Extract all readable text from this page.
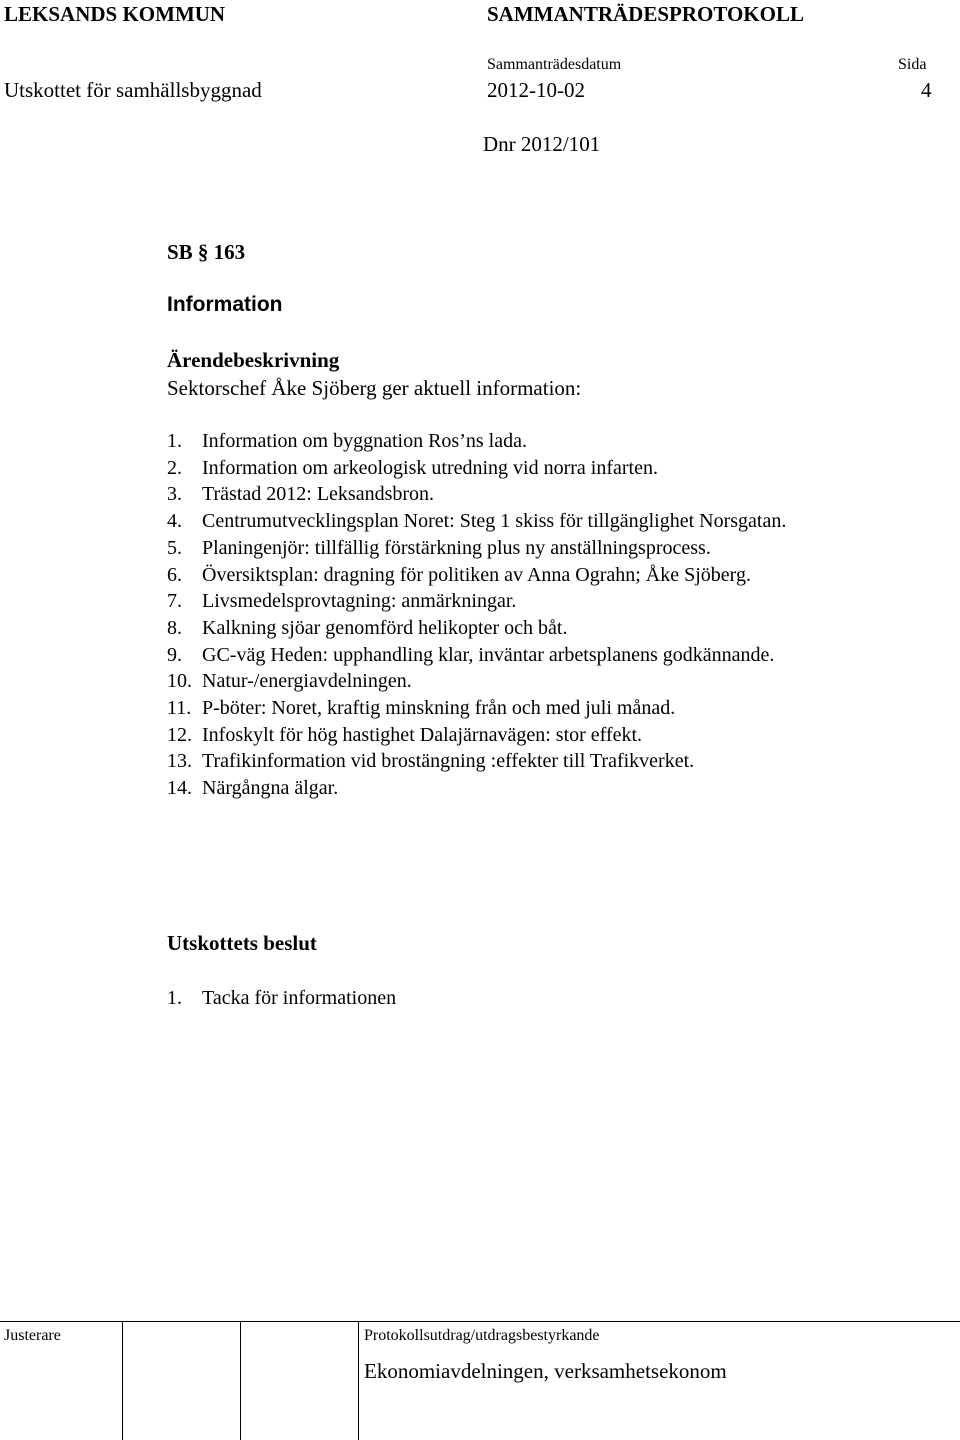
LEKSANDS KOMMUN	SAMMANTRÄDESPROTOKOLL
Sammanträdesdatum	Sida
Utskottet för samhällsbyggnad	2012-10-02	4
Dnr 2012/101
SB § 163
Information
Ärendebeskrivning
Sektorschef Åke Sjöberg ger aktuell information:
1.	Information om byggnation Ros’ns lada.
2.	Information om arkeologisk utredning vid norra infarten.
3.	Trästad 2012: Leksandsbron.
4.	Centrumutvecklingsplan Noret: Steg 1 skiss för tillgänglighet Norsgatan.
5.	Planingenjör: tillfällig förstärkning plus ny anställningsprocess.
6.	Översiktsplan: dragning för politiken av Anna Ograhn; Åke Sjöberg.
7.	Livsmedelsprovtagning: anmärkningar.
8.	Kalkning sjöar genomförd helikopter och båt.
9.	GC-väg Heden: upphandling klar, inväntar arbetsplanens godkännande.
10. Natur-/energiavdelningen.
11. P-böter: Noret, kraftig minskning från och med juli månad.
12. Infoskylt för hög hastighet Dalajärnavägen: stor effekt.
13. Trafikinformation vid brostängning :effekter till Trafikverket.
14. Närgångna älgar.
Utskottets beslut
1.	Tacka för informationen
Justerare	Protokollsutdrag/utdragsbestyrkande
Ekonomiavdelningen, verksamhetsekonom
